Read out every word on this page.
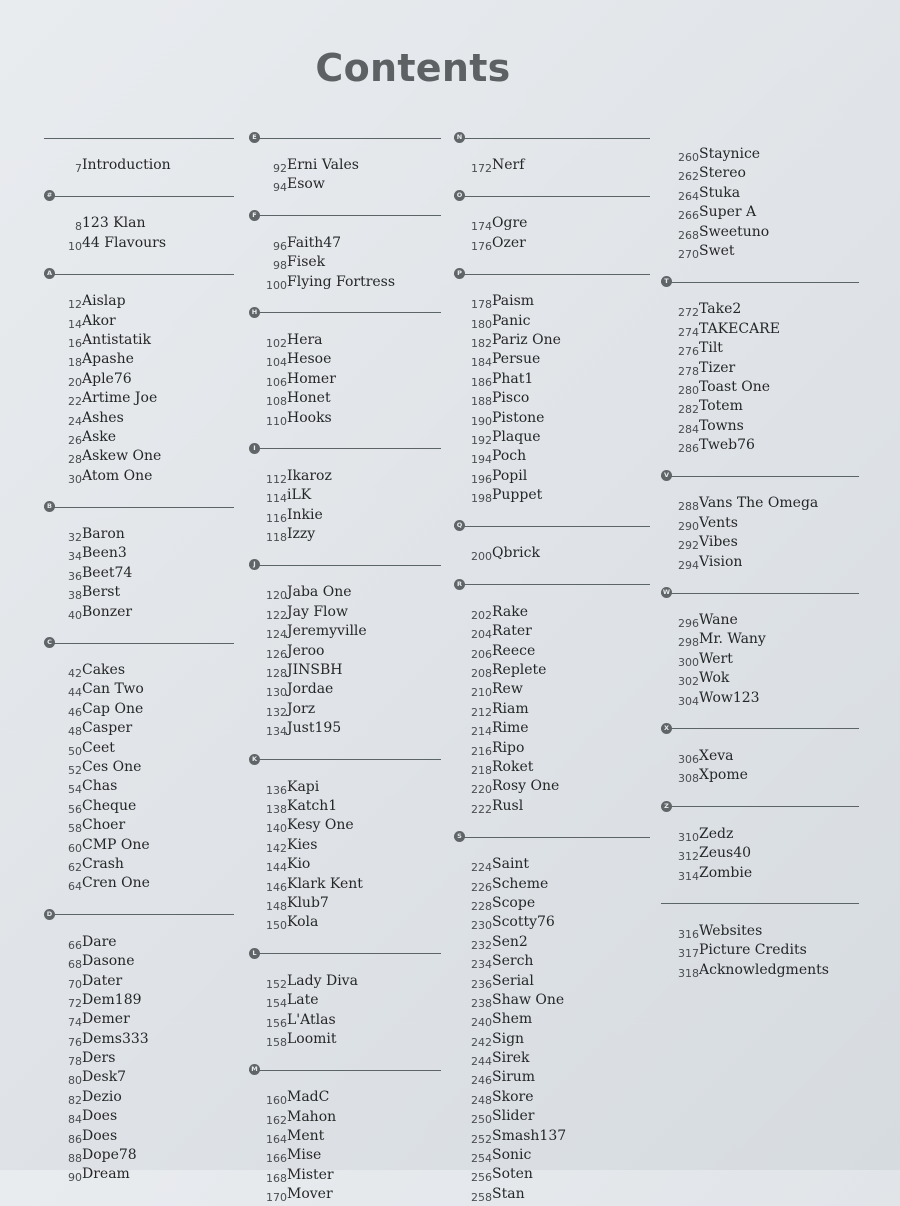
Contents
7 Introduction
#
8 123 Klan
10 44 Flavours
A
12 Aislap
14 Akor
16 Antistatik
18 Apashe
20 Aple76
22 Artime Joe
24 Ashes
26 Aske
28 Askew One
30 Atom One
B
32 Baron
34 Been3
36 Beet74
38 Berst
40 Bonzer
C
42 Cakes
44 Can Two
46 Cap One
48 Casper
50 Ceet
52 Ces One
54 Chas
56 Cheque
58 Choer
60 CMP One
62 Crash
64 Cren One
D
66 Dare
68 Dasone
70 Dater
72 Dem189
74 Demer
76 Dems333
78 Ders
80 Desk7
82 Dezio
84 Does
86 Does
88 Dope78
90 Dream
E
92 Erni Vales
94 Esow
F
96 Faith47
98 Fisek
100 Flying Fortress
H
102 Hera
104 Hesoe
106 Homer
108 Honet
110 Hooks
I
112 Ikaroz
114 iLK
116 Inkie
118 Izzy
J
120 Jaba One
122 Jay Flow
124 Jeremyville
126 Jeroo
128 JINSBH
130 Jordae
132 Jorz
134 Just195
K
136 Kapi
138 Katch1
140 Kesy One
142 Kies
144 Kio
146 Klark Kent
148 Klub7
150 Kola
L
152 Lady Diva
154 Late
156 L'Atlas
158 Loomit
M
160 MadC
162 Mahon
164 Ment
166 Mise
168 Mister
170 Mover
N
172 Nerf
O
174 Ogre
176 Ozer
P
178 Paism
180 Panic
182 Pariz One
184 Persue
186 Phat1
188 Pisco
190 Pistone
192 Plaque
194 Poch
196 Popil
198 Puppet
Q
200 Qbrick
R
202 Rake
204 Rater
206 Reece
208 Replete
210 Rew
212 Riam
214 Rime
216 Ripo
218 Roket
220 Rosy One
222 Rusl
S
224 Saint
226 Scheme
228 Scope
230 Scotty76
232 Sen2
234 Serch
236 Serial
238 Shaw One
240 Shem
242 Sign
244 Sirek
246 Sirum
248 Skore
250 Slider
252 Smash137
254 Sonic
256 Soten
258 Stan
260 Staynice
262 Stereo
264 Stuka
266 Super A
268 Sweetuno
270 Swet
T
272 Take2
274 TAKECARE
276 Tilt
278 Tizer
280 Toast One
282 Totem
284 Towns
286 Tweb76
V
288 Vans The Omega
290 Vents
292 Vibes
294 Vision
W
296 Wane
298 Mr. Wany
300 Wert
302 Wok
304 Wow123
X
306 Xeva
308 Xpome
Z
310 Zedz
312 Zeus40
314 Zombie
316 Websites
317 Picture Credits
318 Acknowledgments
